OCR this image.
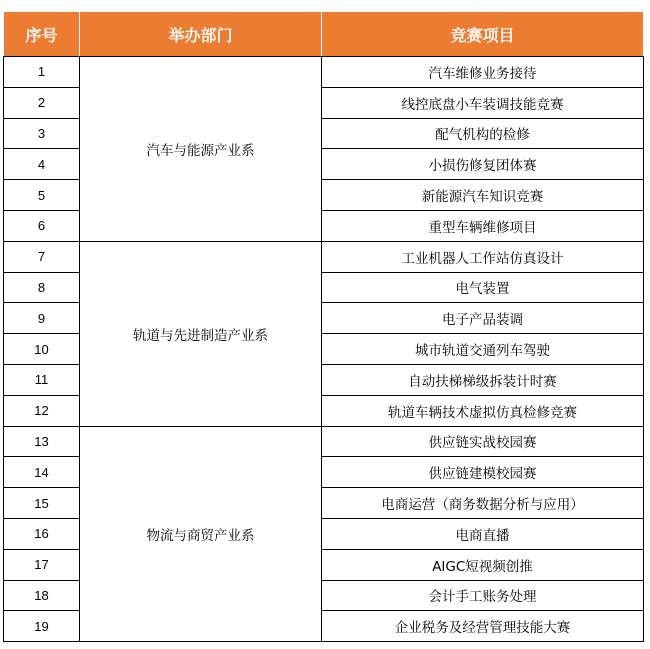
序号	举办部门	竞赛项目
1	汽车与能源产业系	汽车维修业务接待
2		线控底盘小车装调技能竞赛
3		配气机构的检修
4		小损伤修复团体赛
5		新能源汽车知识竞赛
6		重型车辆维修项目
7	轨道与先进制造产业系	工业机器人工作站仿真设计
8		电气装置
9		电子产品装调
10		城市轨道交通列车驾驶
11		自动扶梯梯级拆装计时赛
12		轨道车辆技术虚拟仿真检修竞赛
13	物流与商贸产业系	供应链实战校园赛
14		供应链建模校园赛
15		电商运营（商务数据分析与应用）
16		电商直播
17		AIGC短视频创推
18		会计手工账务处理
19		企业税务及经营管理技能大赛
